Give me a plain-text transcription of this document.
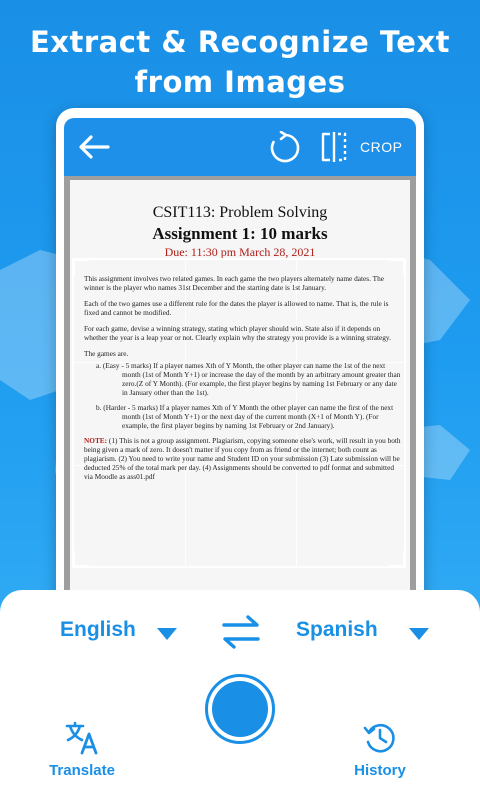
Extract & Recognize Text
from Images
CROP
CSIT113: Problem Solving
Assignment 1: 10 marks
Due: 11:30 pm March 28, 2021

This assignment involves two related games. In each game the two players alternately name dates. The winner is the player who names 31st December and the starting date is 1st January.

Each of the two games use a different rule for the dates the player is allowed to name. That is, the rule is fixed and cannot be modified.

For each game, devise a winning strategy, stating which player should win. State also if it depends on whether the year is a leap year or not. Clearly explain why the strategy you provide is a winning strategy.

The games are.

a. (Easy - 5 marks) If a player names Xth of Y Month, the other player can name the 1st of the next month (1st of Month Y+1) or increase the day of the month by an arbitrary amount greater than zero.(Z of Y Month). (For example, the first player begins by naming 1st February or any date in January other than the 1st).

b. (Harder - 5 marks) If a player names Xth of Y Month the other player can name the first of the next month (1st of Month Y+1) or the next day of the current month (X+1 of Month Y). (For example, the first player begins by naming 1st February or 2nd January).

NOTE: (1) This is not a group assignment. Plagiarism, copying someone else's work, will result in you both being given a mark of zero. It doesn't matter if you copy from as friend or the internet; both count as plagiarism. (2) You need to write your name and Student ID on your submission (3) Late submission will be deducted 25% of the total mark per day. (4) Assignments should be converted to pdf format and submitted via Moodle as ass01.pdf

English	Spanish
Translate	History
